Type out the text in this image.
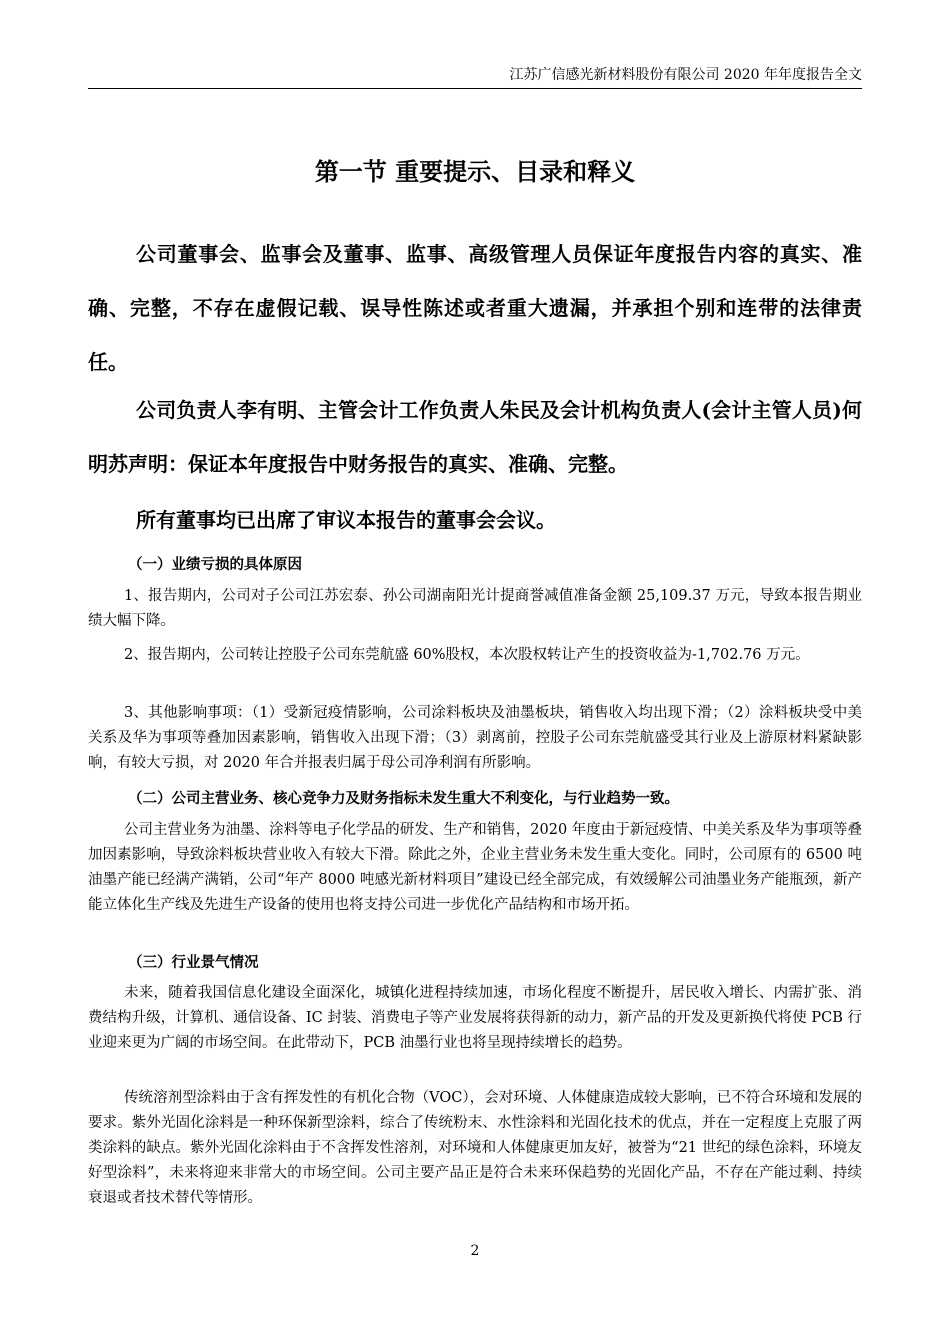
江苏广信感光新材料股份有限公司 2020 年年度报告全文
第一节 重要提示、目录和释义

公司董事会、监事会及董事、监事、高级管理人员保证年度报告内容的真实、准确、完整，不存在虚假记载、误导性陈述或者重大遗漏，并承担个别和连带的法律责任。

公司负责人李有明、主管会计工作负责人朱民及会计机构负责人(会计主管人员)何明苏声明：保证本年度报告中财务报告的真实、准确、完整。

所有董事均已出席了审议本报告的董事会会议。

（一）业绩亏损的具体原因

1、报告期内，公司对子公司江苏宏泰、孙公司湖南阳光计提商誉减值准备金额 25,109.37 万元，导致本报告期业绩大幅下降。

2、报告期内，公司转让控股子公司东莞航盛 60%股权，本次股权转让产生的投资收益为-1,702.76 万元。

3、其他影响事项：（1）受新冠疫情影响，公司涂料板块及油墨板块，销售收入均出现下滑；（2）涂料板块受中美关系及华为事项等叠加因素影响，销售收入出现下滑；（3）剥离前，控股子公司东莞航盛受其行业及上游原材料紧缺影响，有较大亏损，对 2020 年合并报表归属于母公司净利润有所影响。

（二）公司主营业务、核心竞争力及财务指标未发生重大不利变化，与行业趋势一致。

公司主营业务为油墨、涂料等电子化学品的研发、生产和销售，2020 年度由于新冠疫情、中美关系及华为事项等叠加因素影响，导致涂料板块营业收入有较大下滑。除此之外，企业主营业务未发生重大变化。同时，公司原有的 6500 吨油墨产能已经满产满销，公司“年产 8000 吨感光新材料项目”建设已经全部完成，有效缓解公司油墨业务产能瓶颈，新产能立体化生产线及先进生产设备的使用也将支持公司进一步优化产品结构和市场开拓。

（三）行业景气情况

未来，随着我国信息化建设全面深化，城镇化进程持续加速，市场化程度不断提升，居民收入增长、内需扩张、消费结构升级，计算机、通信设备、IC 封装、消费电子等产业发展将获得新的动力，新产品的开发及更新换代将使 PCB 行业迎来更为广阔的市场空间。在此带动下，PCB 油墨行业也将呈现持续增长的趋势。

传统溶剂型涂料由于含有挥发性的有机化合物（VOC），会对环境、人体健康造成较大影响，已不符合环境和发展的要求。紫外光固化涂料是一种环保新型涂料，综合了传统粉末、水性涂料和光固化技术的优点，并在一定程度上克服了两类涂料的缺点。紫外光固化涂料由于不含挥发性溶剂，对环境和人体健康更加友好，被誉为“21 世纪的绿色涂料，环境友好型涂料”，未来将迎来非常大的市场空间。公司主要产品正是符合未来环保趋势的光固化产品，不存在产能过剩、持续衰退或者技术替代等情形。

2
